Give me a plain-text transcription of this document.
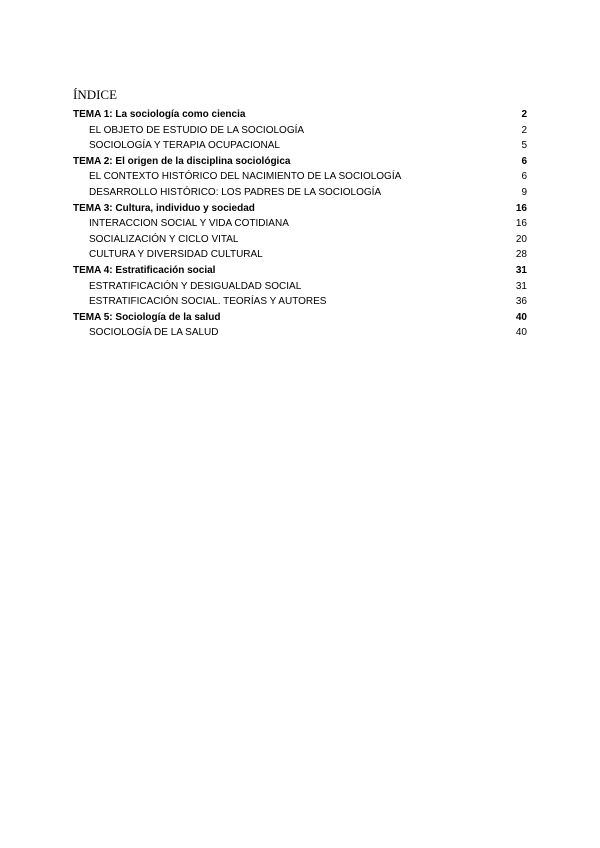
ÍNDICE
TEMA 1: La sociología como ciencia	2
EL OBJETO DE ESTUDIO DE LA SOCIOLOGÍA	2
SOCIOLOGÍA Y TERAPIA OCUPACIONAL	5
TEMA 2: El origen de la disciplina sociológica	6
EL CONTEXTO HISTÓRICO DEL NACIMIENTO DE LA SOCIOLOGÍA	6
DESARROLLO HISTÓRICO: LOS PADRES DE LA SOCIOLOGÍA	9
TEMA 3: Cultura, individuo y sociedad	16
INTERACCION SOCIAL Y VIDA COTIDIANA	16
SOCIALIZACIÓN Y CICLO VITAL	20
CULTURA Y DIVERSIDAD CULTURAL	28
TEMA 4: Estratificación social	31
ESTRATIFICACIÓN Y DESIGUALDAD SOCIAL	31
ESTRATIFICACIÓN SOCIAL. TEORÍAS Y AUTORES	36
TEMA 5: Sociología de la salud	40
SOCIOLOGÍA DE LA SALUD	40
